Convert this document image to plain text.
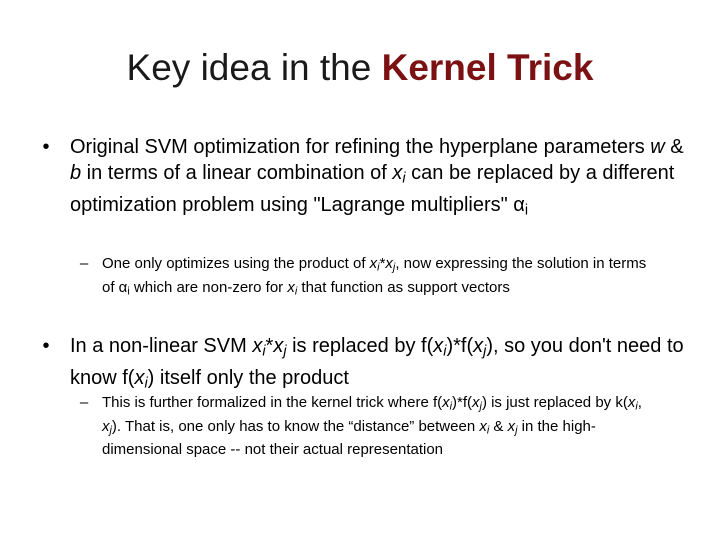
Key idea in the Kernel Trick
•	Original SVM optimization for refining the hyperplane parameters w & b in terms of a linear combination of $x_i$ can be replaced by a different optimization problem using "Lagrange multipliers" $\alpha_i$
– One only optimizes using the product of $x_i*x_j$, now expressing the solution in terms of $\alpha_i$ which are non-zero for $x_i$ that function as support vectors
•	In a non-linear SVM $x_i*x_j$ is replaced by $f(x_i)*f(x_j)$, so you don't need to know $f(x_i)$ itself only the product
– This is further formalized in the kernel trick where $f(x_i)*f(x_j)$ is just replaced by $k(x_i$, $x_j$). That is, one only has to know the “distance” between $x_i$ & $x_j$ in the high-dimensional space -- not their actual representation
